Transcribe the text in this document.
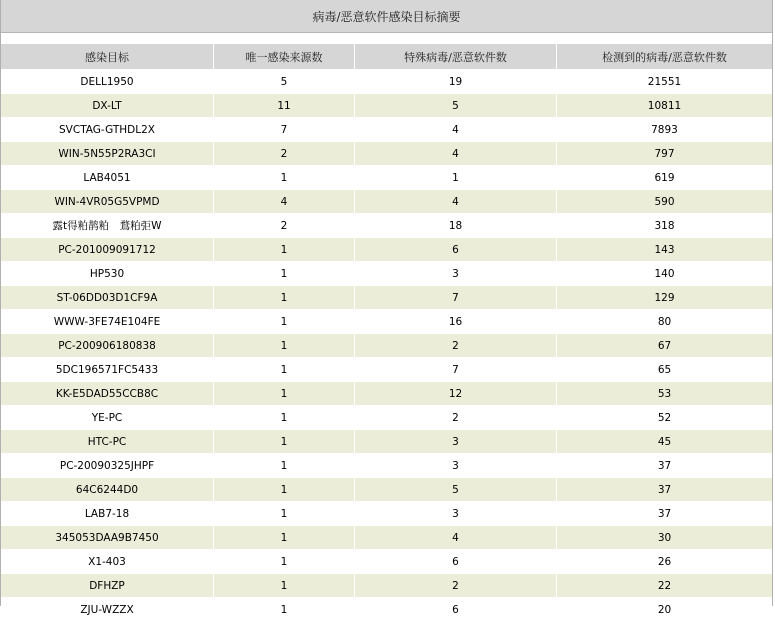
病毒/恶意软件感染目标摘要
感染目标	唯一感染来源数	特殊病毒/恶意软件数	检测到的病毒/恶意软件数
DELL1950	5	19	21551
DX-LT	11	5	10811
SVCTAG-GTHDL2X	7	4	7893
WIN-5N55P2RA3CI	2	4	797
LAB4051	1	1	619
WIN-4VR05G5VPMD	4	4	590
露t得粕鹊粕　鶩粕弡W	2	18	318
PC-201009091712	1	6	143
HP530	1	3	140
ST-06DD03D1CF9A	1	7	129
WWW-3FE74E104FE	1	16	80
PC-200906180838	1	2	67
5DC196571FC5433	1	7	65
KK-E5DAD55CCB8C	1	12	53
YE-PC	1	2	52
HTC-PC	1	3	45
PC-20090325JHPF	1	3	37
64C6244D0	1	5	37
LAB7-18	1	3	37
345053DAA9B7450	1	4	30
X1-403	1	6	26
DFHZP	1	2	22
ZJU-WZZX	1	6	20
